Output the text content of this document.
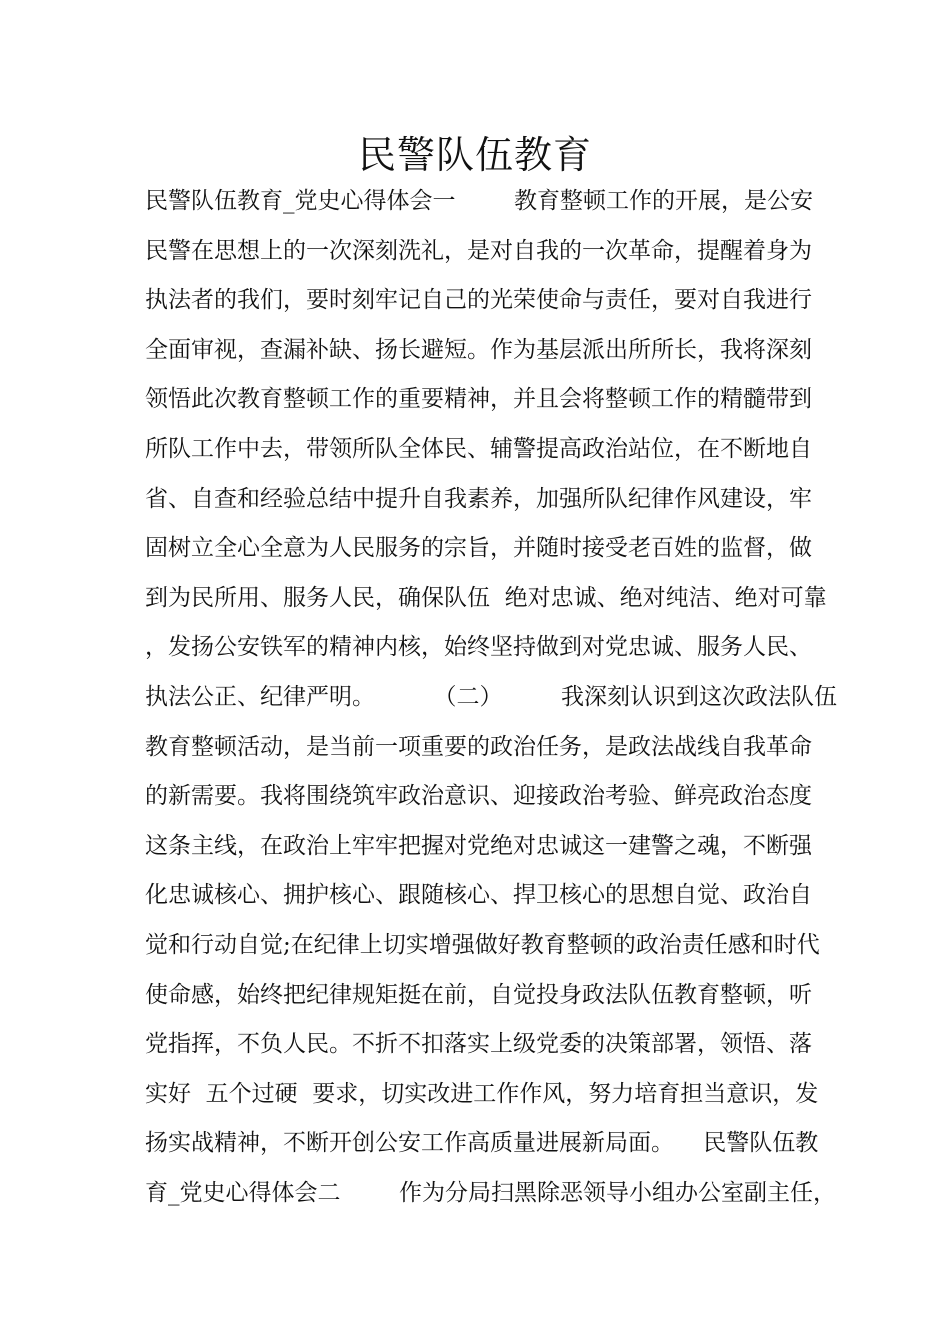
民警队伍教育
民警队伍教育_党史心得体会一        教育整顿工作的开展，是公安
民警在思想上的一次深刻洗礼，是对自我的一次革命，提醒着身为
执法者的我们，要时刻牢记自己的光荣使命与责任，要对自我进行
全面审视，查漏补缺、扬长避短。作为基层派出所所长，我将深刻
领悟此次教育整顿工作的重要精神，并且会将整顿工作的精髓带到
所队工作中去，带领所队全体民、辅警提高政治站位，在不断地自
省、自查和经验总结中提升自我素养，加强所队纪律作风建设，牢
固树立全心全意为人民服务的宗旨，并随时接受老百姓的监督，做
到为民所用、服务人民，确保队伍  绝对忠诚、绝对纯洁、绝对可靠
，发扬公安铁军的精神内核，始终坚持做到对党忠诚、服务人民、
执法公正、纪律严明。        （二）        我深刻认识到这次政法队伍
教育整顿活动，是当前一项重要的政治任务，是政法战线自我革命
的新需要。我将围绕筑牢政治意识、迎接政治考验、鲜亮政治态度
这条主线，在政治上牢牢把握对党绝对忠诚这一建警之魂，不断强
化忠诚核心、拥护核心、跟随核心、捍卫核心的思想自觉、政治自
觉和行动自觉;在纪律上切实增强做好教育整顿的政治责任感和时代
使命感，始终把纪律规矩挺在前，自觉投身政法队伍教育整顿，听
党指挥，不负人民。不折不扣落实上级党委的决策部署，领悟、落
实好  五个过硬  要求，切实改进工作作风，努力培育担当意识，发
扬实战精神，不断开创公安工作高质量进展新局面。    民警队伍教
育_党史心得体会二        作为分局扫黑除恶领导小组办公室副主任，
